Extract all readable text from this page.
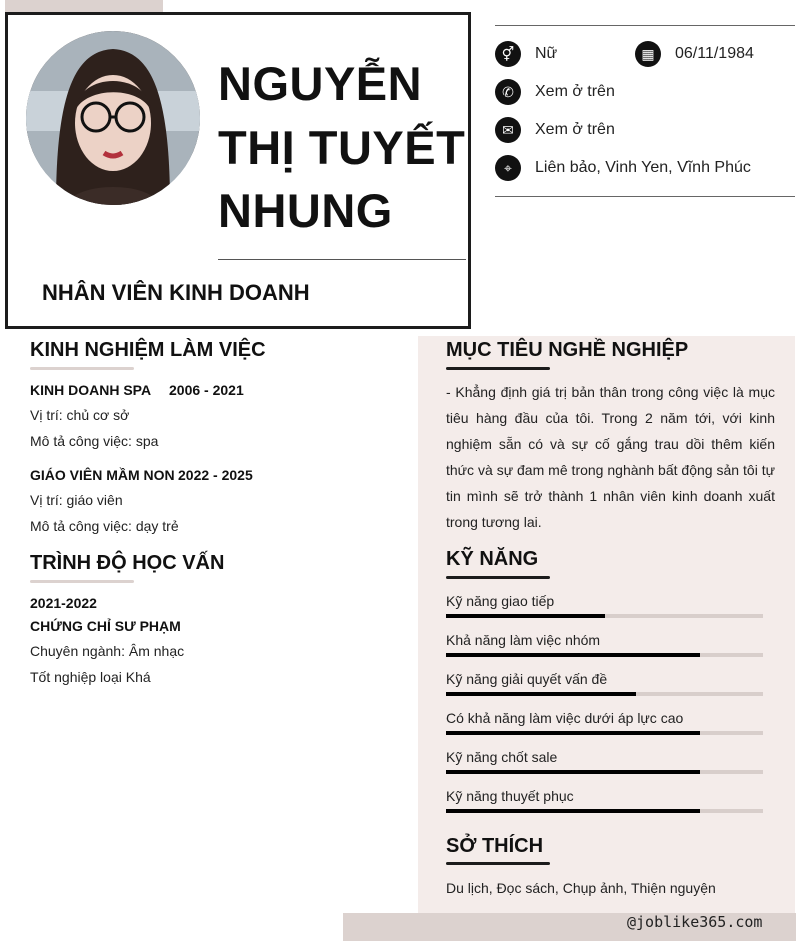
NGUYỄN
THỊ TUYẾT
NHUNG
NHÂN VIÊN KINH DOANH
⚥	Nữ	▦	06/11/1984
✆	Xem ở trên
✉	Xem ở trên
⌖	Liên bảo, Vinh Yen, Vĩnh Phúc
KINH NGHIỆM LÀM VIỆC
KINH DOANH SPA 2006 - 2021
Vị trí: chủ cơ sở
Mô tả công việc: spa
GIÁO VIÊN MẦM NON 2022 - 2025
Vị trí: giáo viên
Mô tả công việc: dạy trẻ
TRÌNH ĐỘ HỌC VẤN
2021-2022
CHỨNG CHỈ SƯ PHẠM
Chuyên ngành: Âm nhạc
Tốt nghiệp loại Khá
MỤC TIÊU NGHỀ NGHIỆP
- Khẳng định giá trị bản thân trong công việc là mục tiêu hàng đầu của tôi. Trong 2 năm tới, với kinh nghiệm sẵn có và sự cố gắng trau dồi thêm kiến thức và sự đam mê trong nghành bất động sản tôi tự tin mình sẽ trở thành 1 nhân viên kinh doanh xuất trong tương lai.
KỸ NĂNG
Kỹ năng giao tiếp
Khả năng làm việc nhóm
Kỹ năng giải quyết vấn đề
Có khả năng làm việc dưới áp lực cao
Kỹ năng chốt sale
Kỹ năng thuyết phục
SỞ THÍCH
Du lịch, Đọc sách, Chụp ảnh, Thiện nguyện
@joblike365.com
